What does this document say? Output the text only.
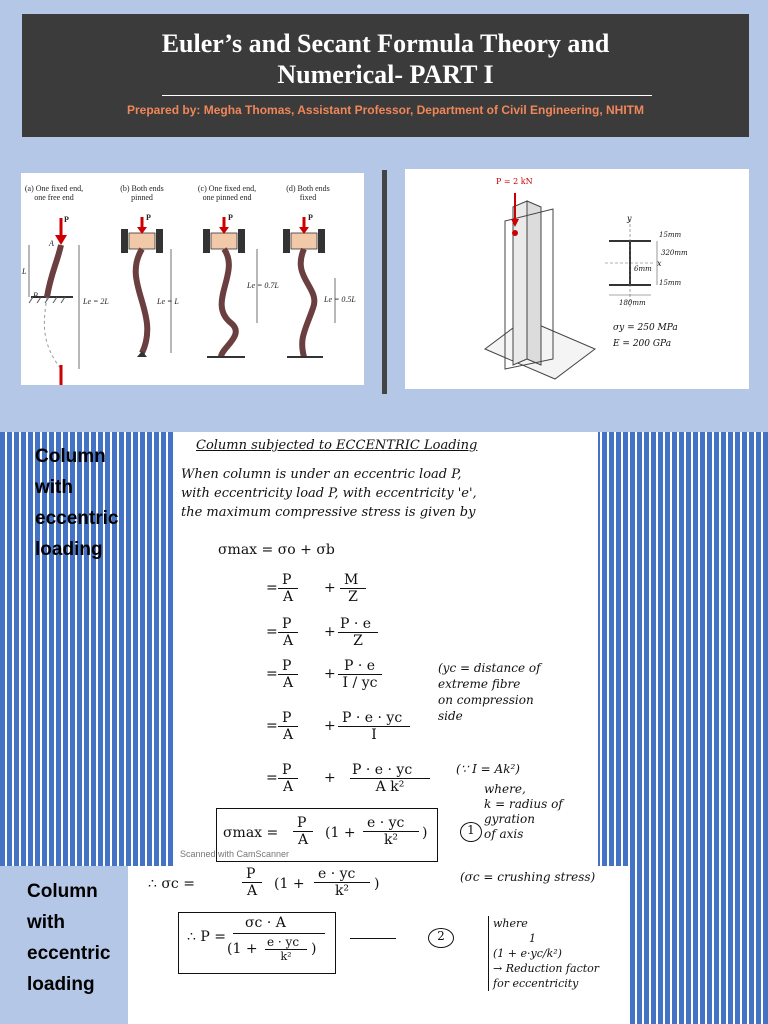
Euler’s and Secant Formula Theory and
Numerical- PART I
Prepared by: Megha Thomas, Assistant Professor, Department of Civil Engineering, NHITM
(a) One fixed end,
one free end
(b) Both ends
pinned
(c) One fixed end,
one pinned end
(d) Both ends
fixed
P	P	P	P
A
B
L
Le = 2L	Le = L
Le = 0.7L
Le = 0.5L
P = 2 kN
y
x
15mm
320mm
6mm
15mm
180mm
σy = 250 MPa
E = 200 GPa
Column
with
eccentric
loading
Column
with
eccentric
loading
Column subjected to ECCENTRIC Loading
When column is under an eccentric load P,
with eccentricity load P, with eccentricity 'e',
the maximum compressive stress is given by
σmax = σo + σb
= P
A
+ M
Z
= P
A
+ P · e
Z
= P
A
+ P · e
I / yc
= P
A
+ P · e · yc
I
= P
A
+ P · e · yc
A k²
(yc = distance of
extreme fibre
on compression
side
(∵ I = Ak²)
where,
k = radius of
gyration
of axis
σmax =
P
A	(1 +
e · yc
k²	)	1
Scanned with CamScanner
∴ σc =
P
A	(1 +
e · yc
k²	)	(σc = crushing stress)
∴ P =
σc · A
(1 + e · yc
k²	)
2
where
1
(1 + e·yc/k²)
→ Reduction factor
for eccentricity
